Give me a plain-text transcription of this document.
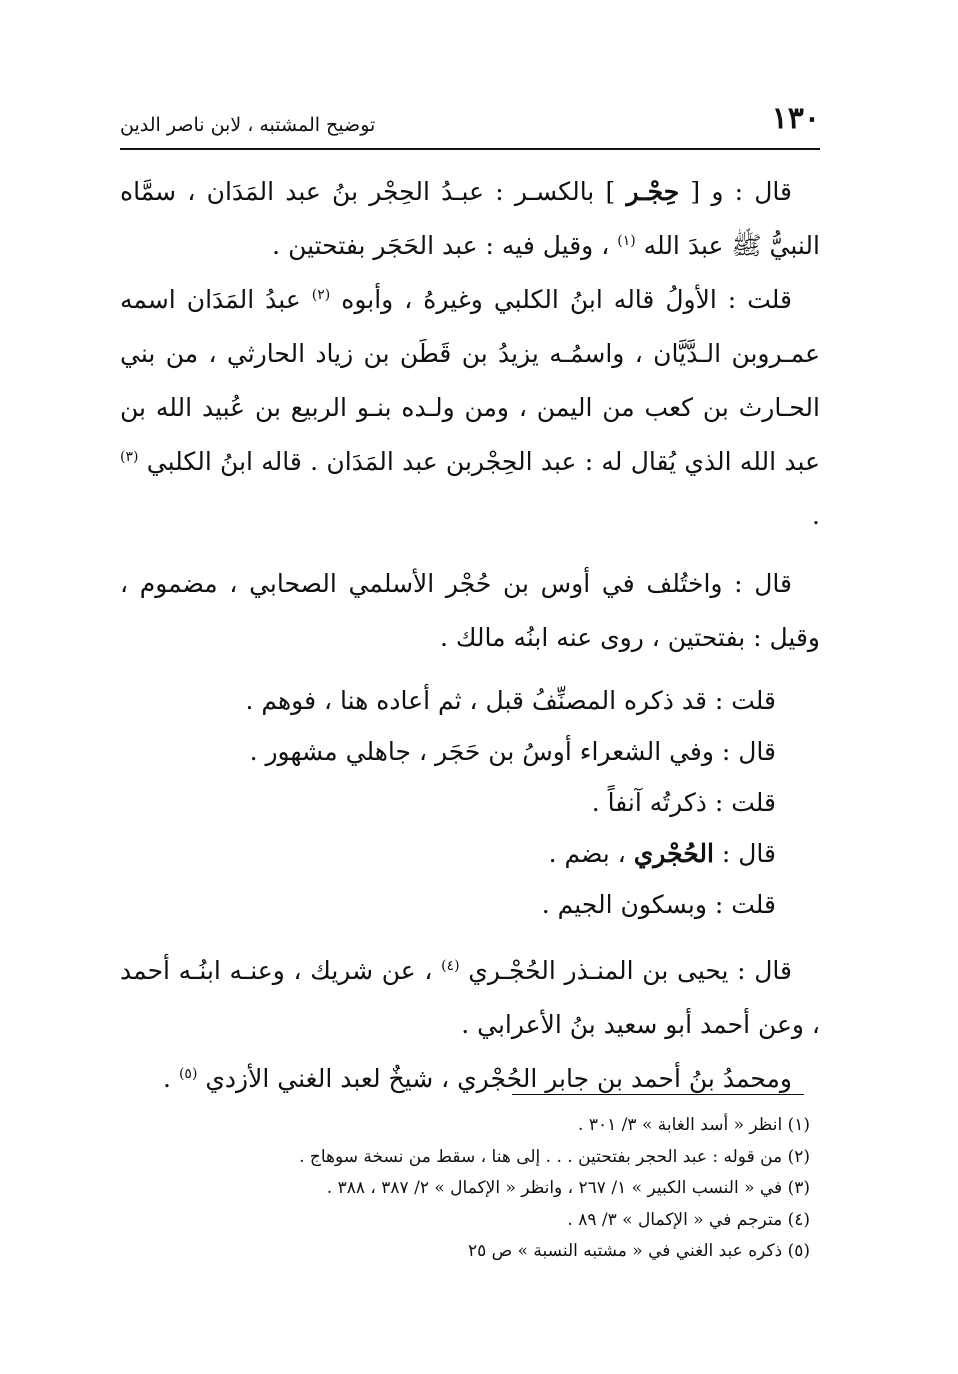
١٣٠
توضيح المشتبه ، لابن ناصر الدين

قال : و [ حِجْـر ] بالكسـر : عبـدُ الحِجْر بنُ عبد المَدَان ، سمَّاه النبيُّ ﷺ عبدَ الله $^{(١)}$ ، وقيل فيه : عبد الحَجَر بفتحتين .

قلت : الأولُ قاله ابنُ الكلبي وغيرهُ ، وأبوه $^{(٢)}$ عبدُ المَدَان اسمه عمـروبن الـدَّيَّان ، واسمُـه يزيدُ بن قَطَن بن زياد الحارثي ، من بني الحـارث بن كعب من اليمن ، ومن ولـده بنـو الربيع بن عُبيد الله بن عبد الله الذي يُقال له : عبد الحِجْربن عبد المَدَان . قاله ابنُ الكلبي $^{(٣)}$ .

قال : واختُلف في أوس بن حُجْر الأسلمي الصحابي ، مضموم ، وقيل : بفتحتين ، روى عنه ابنُه مالك .

قلت : قد ذكره المصنِّفُ قبل ، ثم أعاده هنا ، فوهم .

قال : وفي الشعراء أوسُ بن حَجَر ، جاهلي مشهور .

قلت : ذكرتُه آنفاً .

قال : الحُجْري ، بضم .

قلت : وبسكون الجيم .

قال : يحيى بن المنـذر الحُجْـري $^{(٤)}$ ، عن شريك ، وعنـه ابنُـه أحمد ، وعن أحمد أبو سعيد بنُ الأعرابي .

ومحمدُ بنُ أحمد بن جابر الحُجْري ، شيخٌ لعبد الغني الأزدي $^{(٥)}$ .

(١) انظر « أسد الغابة » ٣/ ٣٠١ .

(٢) من قوله : عبد الحجر بفتحتين . . . إلى هنا ، سقط من نسخة سوهاج .

(٣) في « النسب الكبير » ١/ ٢٦٧ ، وانظر « الإكمال » ٢/ ٣٨٧ ، ٣٨٨ .

(٤) مترجم في « الإكمال » ٣/ ٨٩ .

(٥) ذكره عبد الغني في « مشتبه النسبة » ص ٢٥
